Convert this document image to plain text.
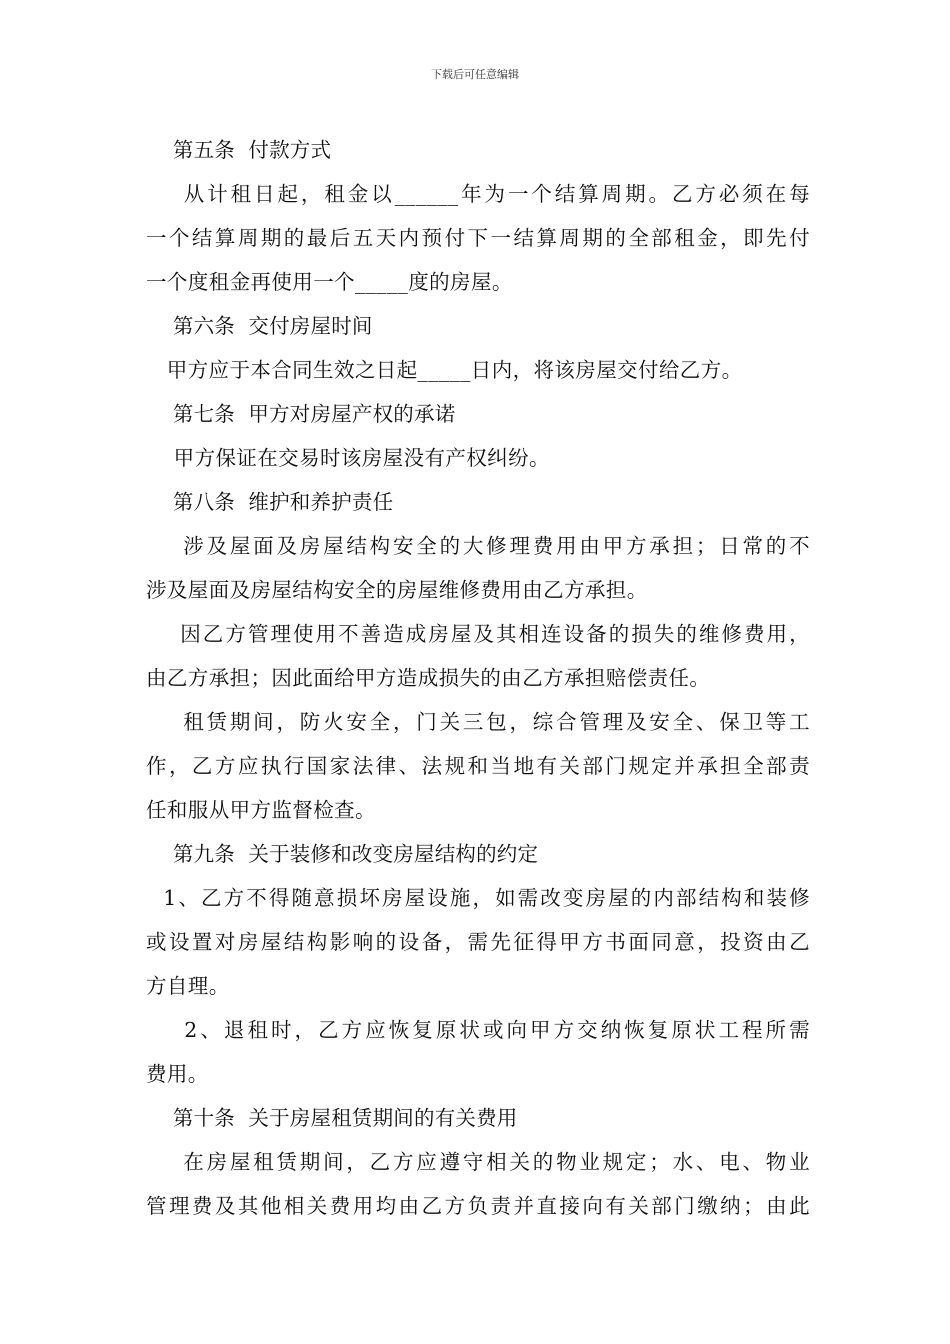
下载后可任意编辑
第五条  付款方式
从计租日起，租金以______年为一个结算周期。乙方必须在每
一个结算周期的最后五天内预付下一结算周期的全部租金，即先付
一个度租金再使用一个_____度的房屋。
第六条  交付房屋时间
甲方应于本合同生效之日起_____日内，将该房屋交付给乙方。
第七条  甲方对房屋产权的承诺
甲方保证在交易时该房屋没有产权纠纷。
第八条  维护和养护责任
涉及屋面及房屋结构安全的大修理费用由甲方承担；日常的不
涉及屋面及房屋结构安全的房屋维修费用由乙方承担。
因乙方管理使用不善造成房屋及其相连设备的损失的维修费用，
由乙方承担；因此面给甲方造成损失的由乙方承担赔偿责任。
租赁期间，防火安全，门关三包，综合管理及安全、保卫等工
作，乙方应执行国家法律、法规和当地有关部门规定并承担全部责
任和服从甲方监督检查。
第九条  关于装修和改变房屋结构的约定
1、乙方不得随意损坏房屋设施，如需改变房屋的内部结构和装修
或设置对房屋结构影响的设备，需先征得甲方书面同意，投资由乙
方自理。
2、退租时，乙方应恢复原状或向甲方交纳恢复原状工程所需
费用。
第十条  关于房屋租赁期间的有关费用
在房屋租赁期间，乙方应遵守相关的物业规定；水、电、物业
管理费及其他相关费用均由乙方负责并直接向有关部门缴纳；由此
